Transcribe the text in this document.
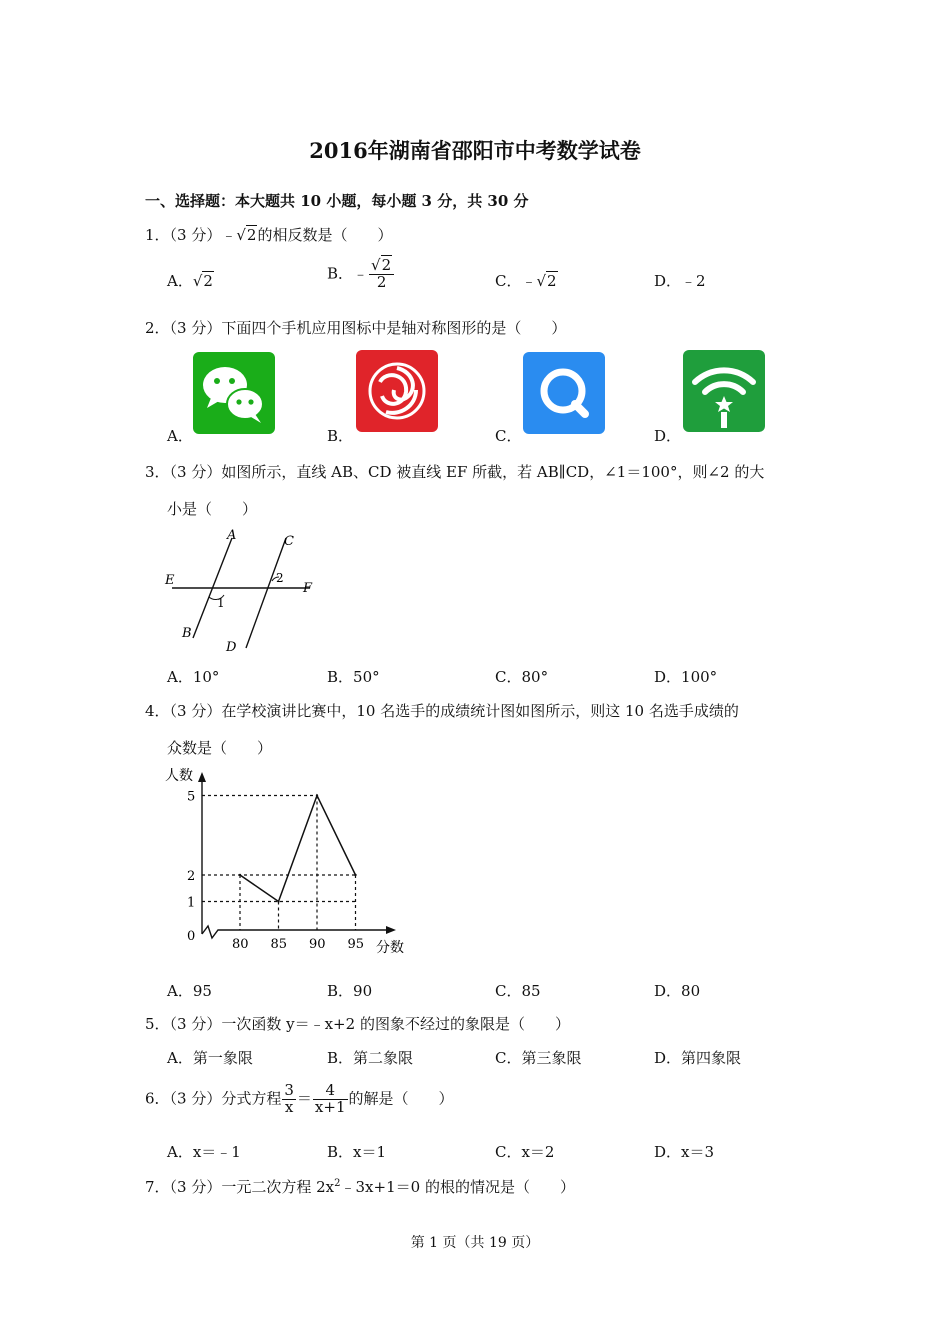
2016年湖南省邵阳市中考数学试卷
一、选择题：本大题共 10 小题，每小题 3 分，共 30 分
1．（3 分）﹣√2的相反数是（　　）
A．√2	B．﹣ $\frac{√2}{2}$	C．﹣√2	D．﹣2
2．（3 分）下面四个手机应用图标中是轴对称图形的是（　　）
A．	B．	C．	D．
3．（3 分）如图所示，直线 AB、CD 被直线 EF 所截，若 AB∥CD，∠1＝100°，则∠2 的大
小是（　　）
A
B
C
D
E
F
1
2
A．10°	B．50°	C．80°	D．100°
4．（3 分）在学校演讲比赛中，10 名选手的成绩统计图如图所示，则这 10 名选手成绩的
众数是（　　）
人数
分数
0
1
2
5
80 85 90 95
A．95	B．90	C．85	D．80
5．（3 分）一次函数 y＝﹣x+2 的图象不经过的象限是（　　）
A．第一象限	B．第二象限	C．第三象限	D．第四象限
6．（3 分）分式方程 $\frac{3}{x} = \frac{4}{x+1}$ 的解是（　　）
A．x＝﹣1	B．x＝1	C．x＝2	D．x＝3
7．（3 分）一元二次方程 $2x^2﹣3x+1=0$ 的根的情况是（　　）
第 1 页（共 19 页）
